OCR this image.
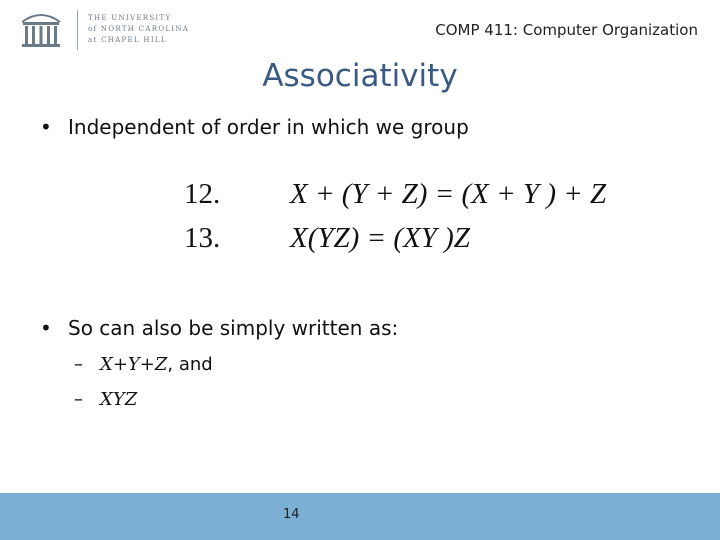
THE UNIVERSITY
of NORTH CAROLINA
at CHAPEL HILL
COMP 411: Computer Organization
Associativity
• Independent of order in which we group
12. X + (Y + Z) = (X + Y ) + Z
13. X(YZ) = (XY )Z
• So can also be simply written as:
– X+Y+Z, and
– XYZ
14
